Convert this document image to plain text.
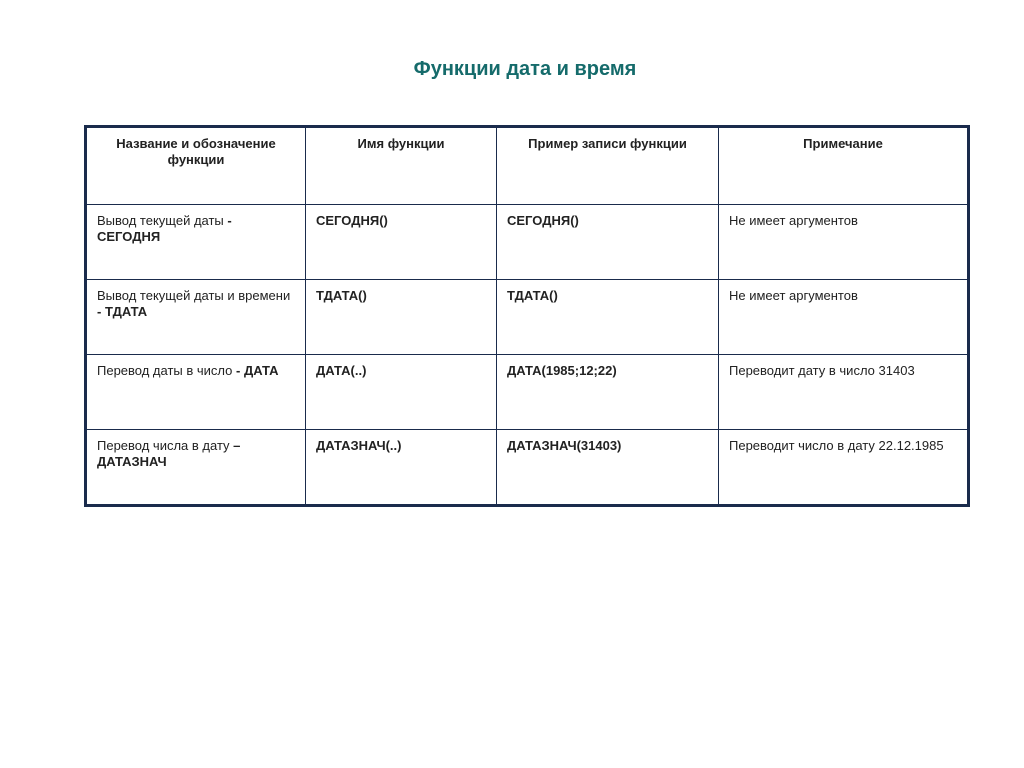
Функции дата и время
Название и обозначение функции	Имя функции	Пример записи функции	Примечание
Вывод текущей даты - СЕГОДНЯ	СЕГОДНЯ()	СЕГОДНЯ()	Не имеет аргументов
Вывод текущей даты и времени - ТДАТА	ТДАТА()	ТДАТА()	Не имеет аргументов
Перевод даты в число - ДАТА	ДАТА(..)	ДАТА(1985;12;22)	Переводит дату в число 31403
Перевод числа в дату – ДАТАЗНАЧ	ДАТАЗНАЧ(..)	ДАТАЗНАЧ(31403)	Переводит число в дату 22.12.1985
